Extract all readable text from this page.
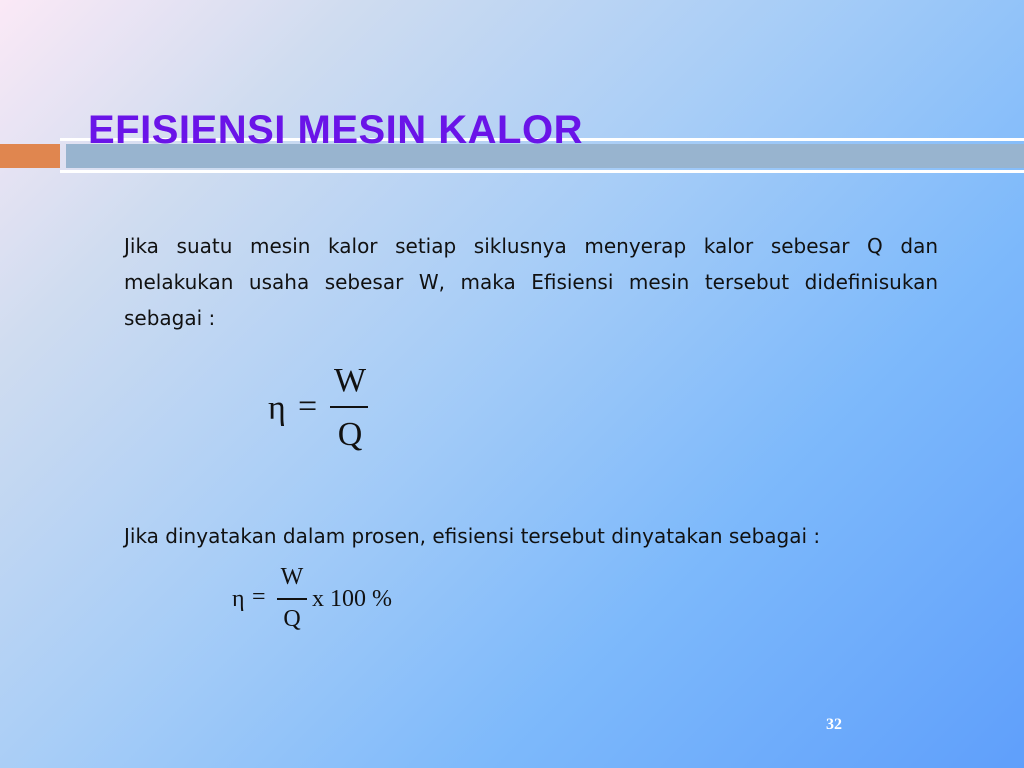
EFISIENSI MESIN KALOR

Jika suatu mesin kalor setiap siklusnya menyerap kalor sebesar Q dan melakukan usaha sebesar W, maka Efisiensi mesin tersebut didefinisukan sebagai :

η =
W
Q

Jika dinyatakan dalam prosen, efisiensi tersebut dinyatakan sebagai :

η =
W
Q
x 100 %
32
